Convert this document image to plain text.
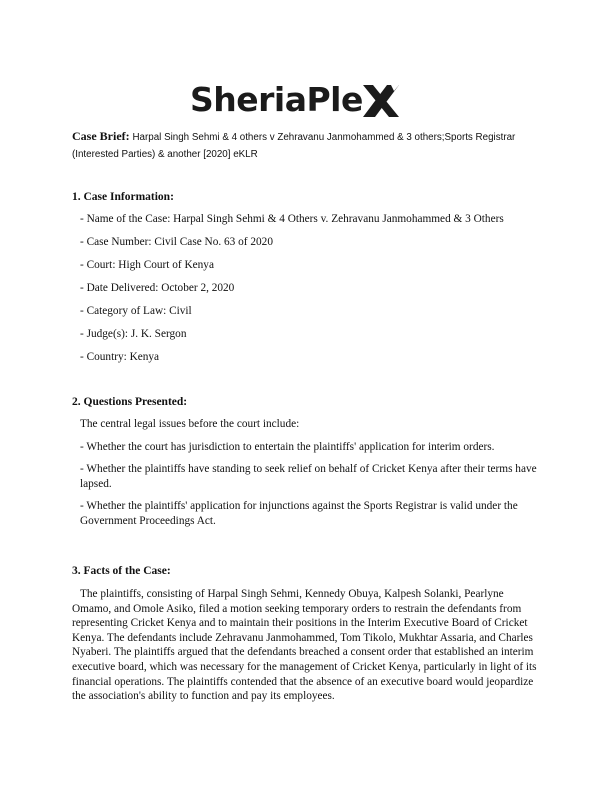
SheriaPle
Case Brief: Harpal Singh Sehmi & 4 others v Zehravanu Janmohammed & 3 others;Sports Registrar (Interested Parties) & another [2020] eKLR

1. Case Information:

- Name of the Case: Harpal Singh Sehmi & 4 Others v. Zehravanu Janmohammed & 3 Others

- Case Number: Civil Case No. 63 of 2020

- Court: High Court of Kenya

- Date Delivered: October 2, 2020

- Category of Law: Civil

- Judge(s): J. K. Sergon

- Country: Kenya

2. Questions Presented:

The central legal issues before the court include:

- Whether the court has jurisdiction to entertain the plaintiffs' application for interim orders.

- Whether the plaintiffs have standing to seek relief on behalf of Cricket Kenya after their terms have lapsed.

- Whether the plaintiffs' application for injunctions against the Sports Registrar is valid under the Government Proceedings Act.

3. Facts of the Case:

The plaintiffs, consisting of Harpal Singh Sehmi, Kennedy Obuya, Kalpesh Solanki, Pearlyne Omamo, and Omole Asiko, filed a motion seeking temporary orders to restrain the defendants from representing Cricket Kenya and to maintain their positions in the Interim Executive Board of Cricket Kenya. The defendants include Zehravanu Janmohammed, Tom Tikolo, Mukhtar Assaria, and Charles Nyaberi. The plaintiffs argued that the defendants breached a consent order that established an interim executive board, which was necessary for the management of Cricket Kenya, particularly in light of its financial operations. The plaintiffs contended that the absence of an executive board would jeopardize the association's ability to function and pay its employees.
